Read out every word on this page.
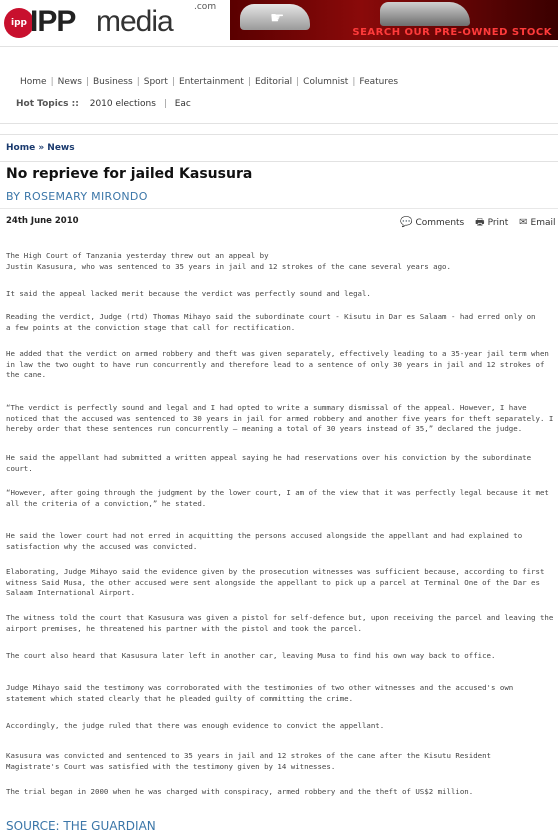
ipp IPP media .com
☛
SEARCH OUR PRE-OWNED STOCK
Home | News | Business | Sport | Entertainment | Editorial | Columnist | Features
Hot Topics :: 2010 elections | Eac
Home » News
No reprieve for jailed Kasusura
BY ROSEMARY MIRONDO
24th June 2010	💬 Comments 🖶 Print ✉ Email

The High Court of Tanzania yesterday threw out an appeal by
Justin Kasusura, who was sentenced to 35 years in jail and 12 strokes of the cane several years ago.

It said the appeal lacked merit because the verdict was perfectly sound and legal.

Reading the verdict, Judge (rtd) Thomas Mihayo said the subordinate court - Kisutu in Dar es Salaam - had erred only on
a few points at the conviction stage that call for rectification.

He added that the verdict on armed robbery and theft was given separately, effectively leading to a 35-year jail term when
in law the two ought to have run concurrently and therefore lead to a sentence of only 30 years in jail and 12 strokes of
the cane.

“The verdict is perfectly sound and legal and I had opted to write a summary dismissal of the appeal. However, I have
noticed that the accused was sentenced to 30 years in jail for armed robbery and another five years for theft separately. I
hereby order that these sentences run concurrently – meaning a total of 30 years instead of 35,” declared the judge.

He said the appellant had submitted a written appeal saying he had reservations over his conviction by the subordinate
court.

“However, after going through the judgment by the lower court, I am of the view that it was perfectly legal because it met
all the criteria of a conviction,” he stated.

He said the lower court had not erred in acquitting the persons accused alongside the appellant and had explained to
satisfaction why the accused was convicted.

Elaborating, Judge Mihayo said the evidence given by the prosecution witnesses was sufficient because, according to first
witness Said Musa, the other accused were sent alongside the appellant to pick up a parcel at Terminal One of the Dar es
Salaam International Airport.

The witness told the court that Kasusura was given a pistol for self-defence but, upon receiving the parcel and leaving the
airport premises, he threatened his partner with the pistol and took the parcel.

The court also heard that Kasusura later left in another car, leaving Musa to find his own way back to office.

Judge Mihayo said the testimony was corroborated with the testimonies of two other witnesses and the accused's own
statement which stated clearly that he pleaded guilty of committing the crime.

Accordingly, the judge ruled that there was enough evidence to convict the appellant.

Kasusura was convicted and sentenced to 35 years in jail and 12 strokes of the cane after the Kisutu Resident
Magistrate's Court was satisfied with the testimony given by 14 witnesses.

The trial began in 2000 when he was charged with conspiracy, armed robbery and the theft of US$2 million.

SOURCE: THE GUARDIAN
